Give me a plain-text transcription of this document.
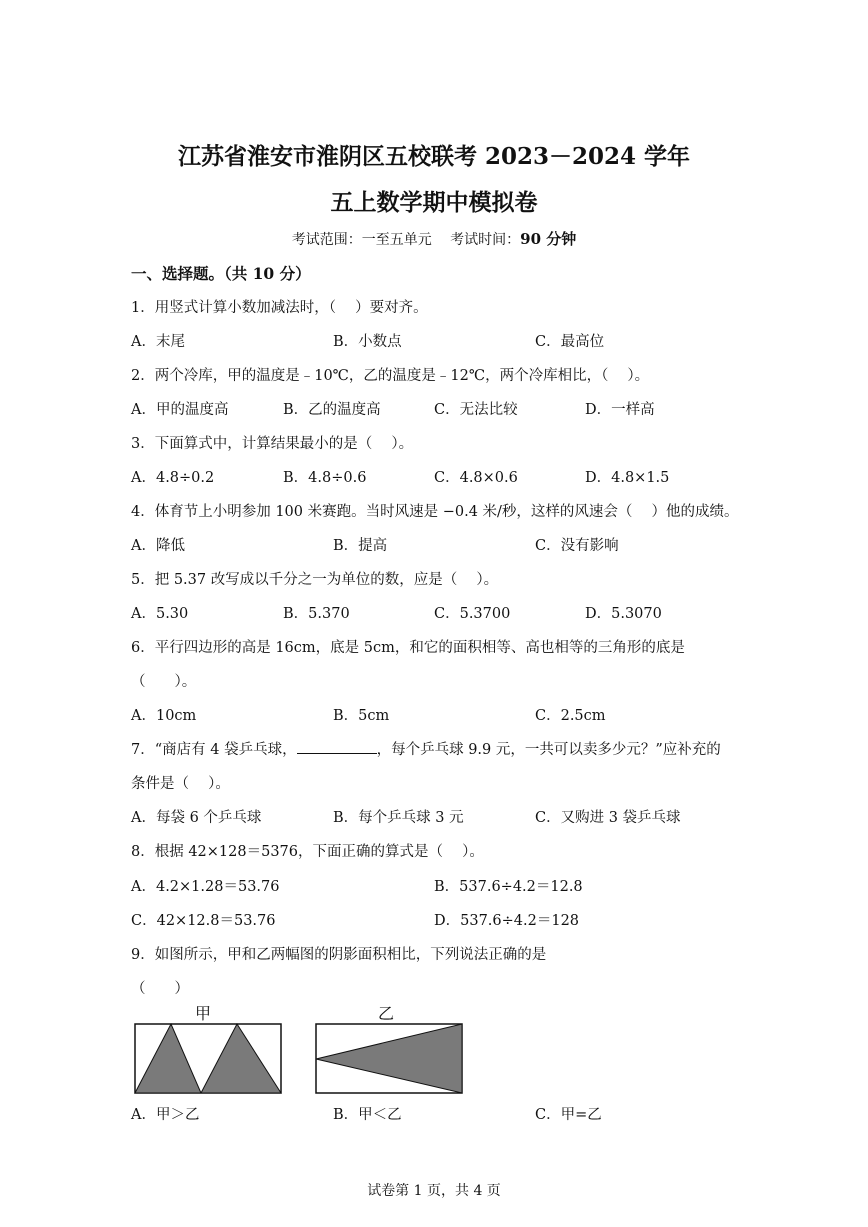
江苏省淮安市淮阴区五校联考 2023－2024 学年
五上数学期中模拟卷
考试范围：一至五单元　 考试时间：90 分钟
一、选择题。（共 10 分）
1．用竖式计算小数加减法时，（　 ）要对齐。
A．末尾	B．小数点	C．最高位
2．两个冷库，甲的温度是﹣10℃，乙的温度是﹣12℃，两个冷库相比，（　 ）。
A．甲的温度高	B．乙的温度高	C．无法比较	D．一样高
3．下面算式中，计算结果最小的是（　 ）。
A．4.8÷0.2	B．4.8÷0.6	C．4.8×0.6	D．4.8×1.5
4．体育节上小明参加 100 米赛跑。当时风速是 −0.4 米/秒，这样的风速会（　 ）他的成绩。
A．降低	B．提高	C．没有影响
5．把 5.37 改写成以千分之一为单位的数，应是（　 ）。
A．5.30	B．5.370	C．5.3700	D．5.3070
6．平行四边形的高是 16cm，底是 5cm，和它的面积相等、高也相等的三角形的底是
（　　）。
A．10cm	B．5cm	C．2.5cm
7．“商店有 4 袋乒乓球，	，每个乒乓球 9.9 元，一共可以卖多少元？”应补充的
条件是（　 ）。
A．每袋 6 个乒乓球	B．每个乒乓球 3 元	C．又购进 3 袋乒乓球
8．根据 42×128＝5376，下面正确的算式是（　 ）。
A．4.2×1.28＝53.76	B．537.6÷4.2＝12.8
C．42×12.8＝53.76	D．537.6÷4.2＝128
9．如图所示，甲和乙两幅图的阴影面积相比，下列说法正确的是
（　　）
甲	乙
A．甲＞乙	B．甲＜乙	C．甲=乙
试卷第 1 页，共 4 页
